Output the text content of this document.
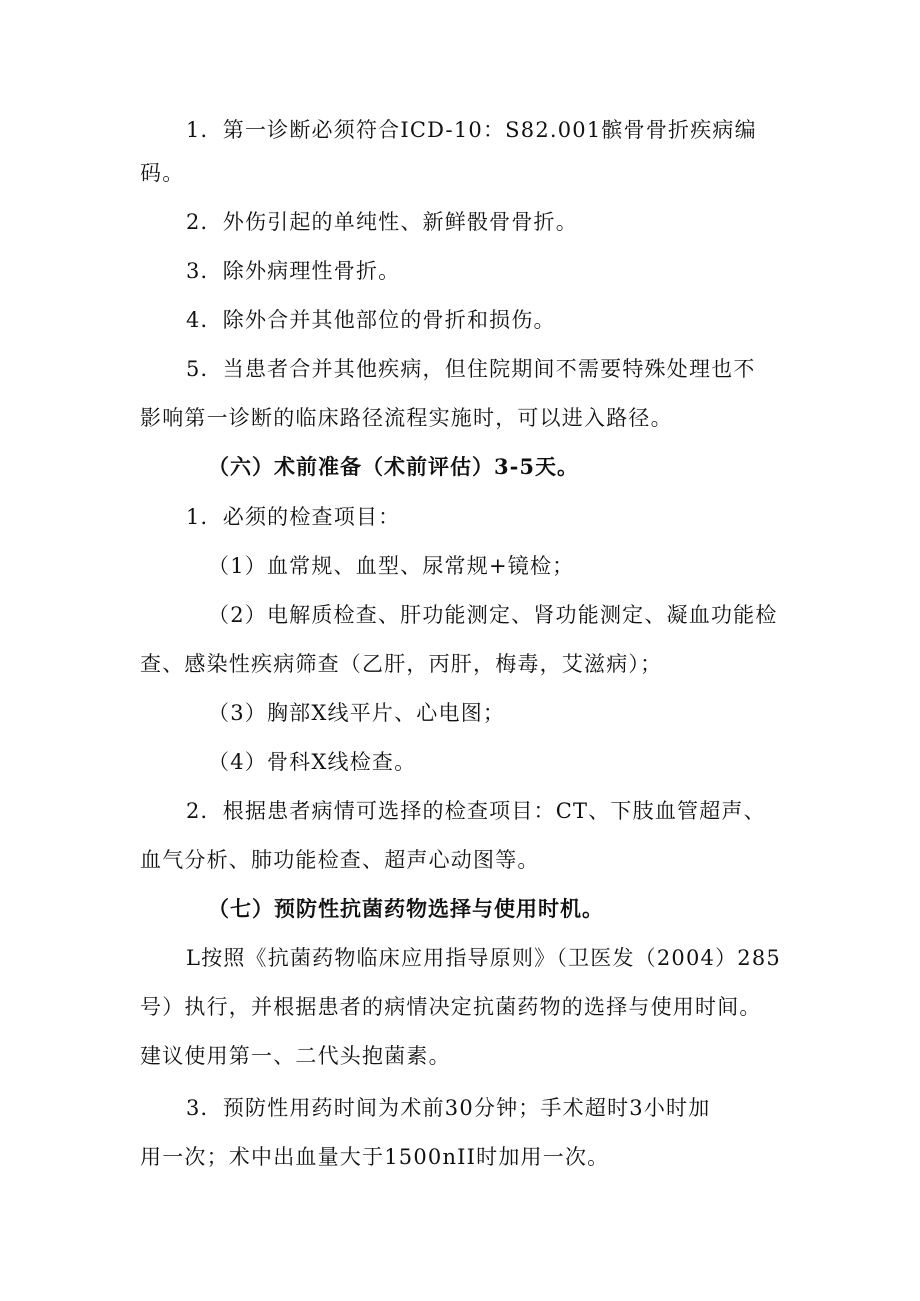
1．第一诊断必须符合ICD-10：S82.001髌骨骨折疾病编
码。
2．外伤引起的单纯性、新鲜骰骨骨折。
3．除外病理性骨折。
4．除外合并其他部位的骨折和损伤。
5．当患者合并其他疾病，但住院期间不需要特殊处理也不
影响第一诊断的临床路径流程实施时，可以进入路径。
（六）术前准备（术前评估）3-5天。
1．必须的检查项目：
（1）血常规、血型、尿常规+镜检；
（2）电解质检查、肝功能测定、肾功能测定、凝血功能检
查、感染性疾病筛查（乙肝，丙肝，梅毒，艾滋病）；
（3）胸部X线平片、心电图；
（4）骨科X线检查。
2．根据患者病情可选择的检查项目：CT、下肢血管超声、
血气分析、肺功能检查、超声心动图等。
（七）预防性抗菌药物选择与使用时机。
L按照《抗菌药物临床应用指导原则》（卫医发（2004）285
号）执行，并根据患者的病情决定抗菌药物的选择与使用时间。
建议使用第一、二代头抱菌素。
3．预防性用药时间为术前30分钟；手术超时3小时加
用一次；术中出血量大于1500nII时加用一次。
